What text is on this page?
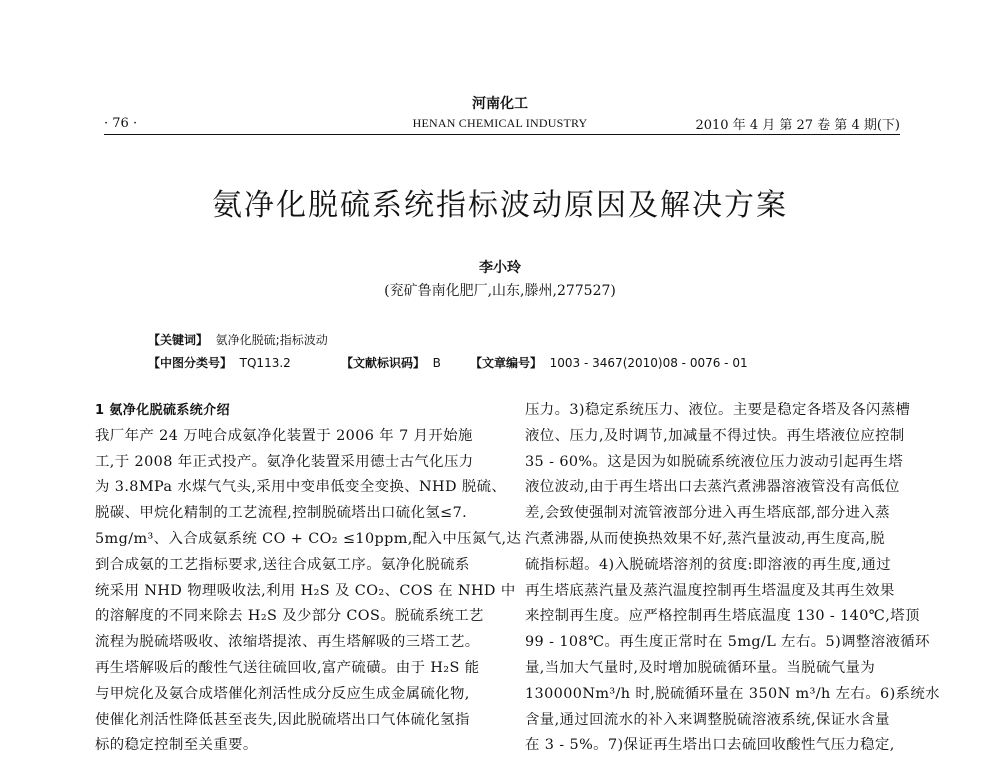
河南化工
· 76 ·	HENAN CHEMICAL INDUSTRY	2010 年 4 月 第 27 卷 第 4 期(下)
氨净化脱硫系统指标波动原因及解决方案
李小玲
(兖矿鲁南化肥厂,山东,滕州,277527)
【关键词】 氨净化脱硫;指标波动
【中图分类号】 TQ113.2	【文献标识码】 B 【文章编号】 1003 - 3467(2010)08 - 0076 - 01
1 氨净化脱硫系统介绍
我厂年产 24 万吨合成氨净化装置于 2006 年 7 月开始施
工,于 2008 年正式投产。氨净化装置采用德士古气化压力
为 3.8MPa 水煤气气头,采用中变串低变全变换、NHD 脱硫、
脱碳、甲烷化精制的工艺流程,控制脱硫塔出口硫化氢≤7.
5mg/m³、入合成氨系统 CO + CO₂ ≤10ppm,配入中压氮气,达
到合成氨的工艺指标要求,送往合成氨工序。氨净化脱硫系
统采用 NHD 物理吸收法,利用 H₂S 及 CO₂、COS 在 NHD 中
的溶解度的不同来除去 H₂S 及少部分 COS。脱硫系统工艺
流程为脱硫塔吸收、浓缩塔提浓、再生塔解吸的三塔工艺。
再生塔解吸后的酸性气送往硫回收,富产硫磺。由于 H₂S 能
与甲烷化及氨合成塔催化剂活性成分反应生成金属硫化物,
使催化剂活性降低甚至丧失,因此脱硫塔出口气体硫化氢指
标的稳定控制至关重要。
压力。3)稳定系统压力、液位。主要是稳定各塔及各闪蒸槽
液位、压力,及时调节,加减量不得过快。再生塔液位应控制
35 - 60%。这是因为如脱硫系统液位压力波动引起再生塔
液位波动,由于再生塔出口去蒸汽煮沸器溶液管没有高低位
差,会致使强制对流管液部分进入再生塔底部,部分进入蒸
汽煮沸器,从而使换热效果不好,蒸汽量波动,再生度高,脱
硫指标超。4)入脱硫塔溶剂的贫度:即溶液的再生度,通过
再生塔底蒸汽量及蒸汽温度控制再生塔温度及其再生效果
来控制再生度。应严格控制再生塔底温度 130 - 140℃,塔顶
99 - 108℃。再生度正常时在 5mg/L 左右。5)调整溶液循环
量,当加大气量时,及时增加脱硫循环量。当脱硫气量为
130000Nm³/h 时,脱硫循环量在 350N m³/h 左右。6)系统水
含量,通过回流水的补入来调整脱硫溶液系统,保证水含量
在 3 - 5%。7)保证再生塔出口去硫回收酸性气压力稳定,
